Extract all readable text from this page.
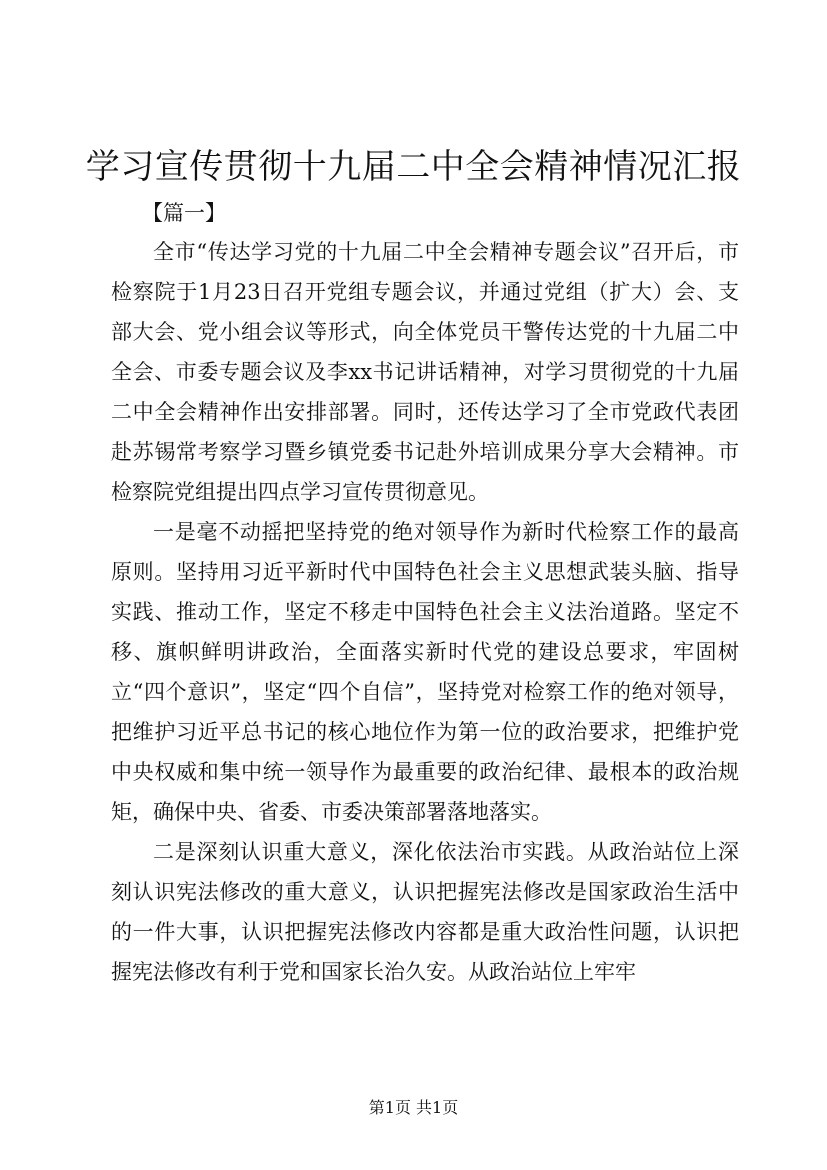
学习宣传贯彻十九届二中全会精神情况汇报
【篇一】

全市“传达学习党的十九届二中全会精神专题会议”召开后，市检察院于1月23日召开党组专题会议，并通过党组（扩大）会、支部大会、党小组会议等形式，向全体党员干警传达党的十九届二中全会、市委专题会议及李xx书记讲话精神，对学习贯彻党的十九届二中全会精神作出安排部署。同时，还传达学习了全市党政代表团赴苏锡常考察学习暨乡镇党委书记赴外培训成果分享大会精神。市检察院党组提出四点学习宣传贯彻意见。

一是毫不动摇把坚持党的绝对领导作为新时代检察工作的最高原则。坚持用习近平新时代中国特色社会主义思想武装头脑、指导实践、推动工作，坚定不移走中国特色社会主义法治道路。坚定不移、旗帜鲜明讲政治，全面落实新时代党的建设总要求，牢固树立“四个意识”，坚定“四个自信”，坚持党对检察工作的绝对领导，把维护习近平总书记的核心地位作为第一位的政治要求，把维护党中央权威和集中统一领导作为最重要的政治纪律、最根本的政治规矩，确保中央、省委、市委决策部署落地落实。

二是深刻认识重大意义，深化依法治市实践。从政治站位上深刻认识宪法修改的重大意义，认识把握宪法修改是国家政治生活中的一件大事，认识把握宪法修改内容都是重大政治性问题，认识把握宪法修改有利于党和国家长治久安。从政治站位上牢牢

第1页 共1页
